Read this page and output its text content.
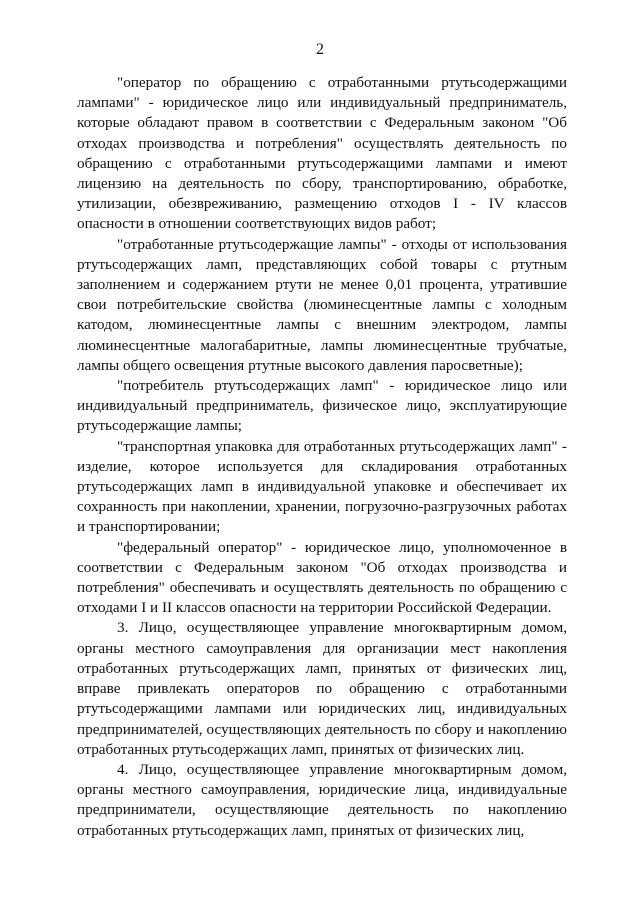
2

"оператор по обращению с отработанными ртутьсодержащими лампами" - юридическое лицо или индивидуальный предприниматель, которые обладают правом в соответствии с Федеральным законом "Об отходах производства и потребления" осуществлять деятельность по обращению с отработанными ртутьсодержащими лампами и имеют лицензию на деятельность по сбору, транспортированию, обработке, утилизации, обезвреживанию, размещению отходов I - IV классов опасности в отношении соответствующих видов работ;

"отработанные ртутьсодержащие лампы" - отходы от использования ртутьсодержащих ламп, представляющих собой товары с ртутным заполнением и содержанием ртути не менее 0,01 процента, утратившие свои потребительские свойства (люминесцентные лампы с холодным катодом, люминесцентные лампы с внешним электродом, лампы люминесцентные малогабаритные, лампы люминесцентные трубчатые, лампы общего освещения ртутные высокого давления паросветные);

"потребитель ртутьсодержащих ламп" - юридическое лицо или индивидуальный предприниматель, физическое лицо, эксплуатирующие ртутьсодержащие лампы;

"транспортная упаковка для отработанных ртутьсодержащих ламп" - изделие, которое используется для складирования отработанных ртутьсодержащих ламп в индивидуальной упаковке и обеспечивает их сохранность при накоплении, хранении, погрузочно-разгрузочных работах и транспортировании;

"федеральный оператор" - юридическое лицо, уполномоченное в соответствии с Федеральным законом "Об отходах производства и потребления" обеспечивать и осуществлять деятельность по обращению с отходами I и II классов опасности на территории Российской Федерации.

3. Лицо, осуществляющее управление многоквартирным домом, органы местного самоуправления для организации мест накопления отработанных ртутьсодержащих ламп, принятых от физических лиц, вправе привлекать операторов по обращению с отработанными ртутьсодержащими лампами или юридических лиц, индивидуальных предпринимателей, осуществляющих деятельность по сбору и накоплению отработанных ртутьсодержащих ламп, принятых от физических лиц.

4. Лицо, осуществляющее управление многоквартирным домом, органы местного самоуправления, юридические лица, индивидуальные предприниматели, осуществляющие деятельность по накоплению отработанных ртутьсодержащих ламп, принятых от физических лиц,
